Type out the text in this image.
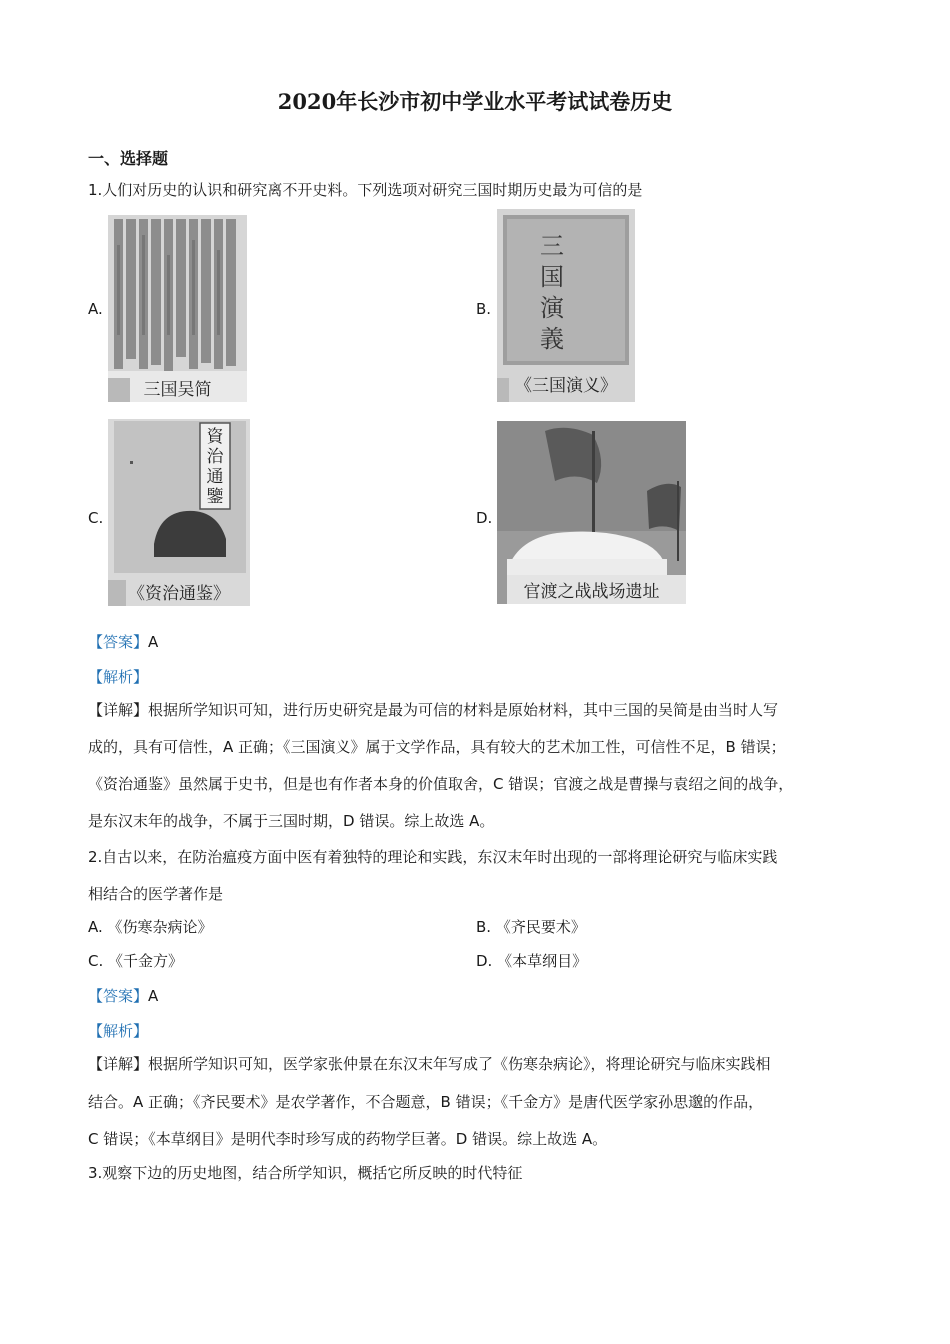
2020年长沙市初中学业水平考试试卷历史
一、选择题
1.人们对历史的认识和研究离不开史料。下列选项对研究三国时期历史最为可信的是
A.
三国吴简
B.
三国演義
《三国演义》
C.
資治通鑒
《资治通鉴》
D.
官渡之战战场遗址
【答案】A
【解析】
【详解】根据所学知识可知，进行历史研究是最为可信的材料是原始材料，其中三国的吴简是由当时人写
成的，具有可信性，A 正确；《三国演义》属于文学作品，具有较大的艺术加工性，可信性不足，B 错误；
《资治通鉴》虽然属于史书，但是也有作者本身的价值取舍，C 错误；官渡之战是曹操与袁绍之间的战争，
是东汉末年的战争，不属于三国时期，D 错误。综上故选 A。
2.自古以来，在防治瘟疫方面中医有着独特的理论和实践，东汉末年时出现的一部将理论研究与临床实践
相结合的医学著作是
A. 《伤寒杂病论》	B. 《齐民要术》
C. 《千金方》	D. 《本草纲目》
【答案】A
【解析】
【详解】根据所学知识可知，医学家张仲景在东汉末年写成了《伤寒杂病论》，将理论研究与临床实践相
结合。A 正确；《齐民要术》是农学著作，不合题意，B 错误；《千金方》是唐代医学家孙思邈的作品，
C 错误；《本草纲目》是明代李时珍写成的药物学巨著。D 错误。综上故选 A。
3.观察下边的历史地图，结合所学知识，概括它所反映的时代特征
